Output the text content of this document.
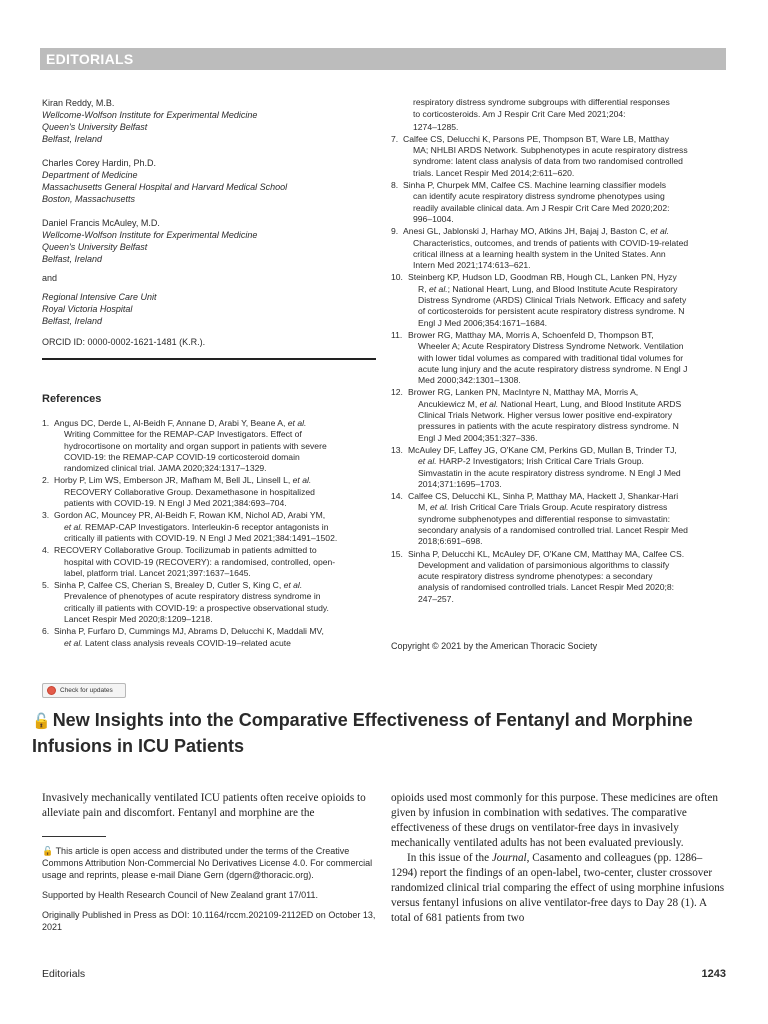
EDITORIALS
Kiran Reddy, M.B.
Wellcome-Wolfson Institute for Experimental Medicine
Queen's University Belfast
Belfast, Ireland
Charles Corey Hardin, Ph.D.
Department of Medicine
Massachusetts General Hospital and Harvard Medical School
Boston, Massachusetts
Daniel Francis McAuley, M.D.
Wellcome-Wolfson Institute for Experimental Medicine
Queen's University Belfast
Belfast, Ireland
and
Regional Intensive Care Unit
Royal Victoria Hospital
Belfast, Ireland
ORCID ID: 0000-0002-1621-1481 (K.R.).
References
1. Angus DC, Derde L, Al-Beidh F, Annane D, Arabi Y, Beane A, et al.
Writing Committee for the REMAP-CAP Investigators. Effect of
hydrocortisone on mortality and organ support in patients with severe
COVID-19: the REMAP-CAP COVID-19 corticosteroid domain
randomized clinical trial. JAMA 2020;324:1317–1329.
2. Horby P, Lim WS, Emberson JR, Mafham M, Bell JL, Linsell L, et al.
RECOVERY Collaborative Group. Dexamethasone in hospitalized
patients with COVID-19. N Engl J Med 2021;384:693–704.
3. Gordon AC, Mouncey PR, Al-Beidh F, Rowan KM, Nichol AD, Arabi YM,
et al. REMAP-CAP Investigators. Interleukin-6 receptor antagonists in
critically ill patients with COVID-19. N Engl J Med 2021;384:1491–1502.
4. RECOVERY Collaborative Group. Tocilizumab in patients admitted to
hospital with COVID-19 (RECOVERY): a randomised, controlled, open-
label, platform trial. Lancet 2021;397:1637–1645.
5. Sinha P, Calfee CS, Cherian S, Brealey D, Cutler S, King C, et al.
Prevalence of phenotypes of acute respiratory distress syndrome in
critically ill patients with COVID-19: a prospective observational study.
Lancet Respir Med 2020;8:1209–1218.
6. Sinha P, Furfaro D, Cummings MJ, Abrams D, Delucchi K, Maddali MV,
et al. Latent class analysis reveals COVID-19–related acute
respiratory distress syndrome subgroups with differential responses
to corticosteroids. Am J Respir Crit Care Med 2021;204:
1274–1285.
7. Calfee CS, Delucchi K, Parsons PE, Thompson BT, Ware LB, Matthay
MA; NHLBI ARDS Network. Subphenotypes in acute respiratory distress
syndrome: latent class analysis of data from two randomised controlled
trials. Lancet Respir Med 2014;2:611–620.
8. Sinha P, Churpek MM, Calfee CS. Machine learning classifier models
can identify acute respiratory distress syndrome phenotypes using
readily available clinical data. Am J Respir Crit Care Med 2020;202:
996–1004.
9. Anesi GL, Jablonski J, Harhay MO, Atkins JH, Bajaj J, Baston C, et al.
Characteristics, outcomes, and trends of patients with COVID-19-related
critical illness at a learning health system in the United States. Ann
Intern Med 2021;174:613–621.
10. Steinberg KP, Hudson LD, Goodman RB, Hough CL, Lanken PN, Hyzy
R, et al.; National Heart, Lung, and Blood Institute Acute Respiratory
Distress Syndrome (ARDS) Clinical Trials Network. Efficacy and safety
of corticosteroids for persistent acute respiratory distress syndrome. N
Engl J Med 2006;354:1671–1684.
11. Brower RG, Matthay MA, Morris A, Schoenfeld D, Thompson BT,
Wheeler A; Acute Respiratory Distress Syndrome Network. Ventilation
with lower tidal volumes as compared with traditional tidal volumes for
acute lung injury and the acute respiratory distress syndrome. N Engl J
Med 2000;342:1301–1308.
12. Brower RG, Lanken PN, MacIntyre N, Matthay MA, Morris A,
Ancukiewicz M, et al. National Heart, Lung, and Blood Institute ARDS
Clinical Trials Network. Higher versus lower positive end-expiratory
pressures in patients with the acute respiratory distress syndrome. N
Engl J Med 2004;351:327–336.
13. McAuley DF, Laffey JG, O'Kane CM, Perkins GD, Mullan B, Trinder TJ,
et al. HARP-2 Investigators; Irish Critical Care Trials Group.
Simvastatin in the acute respiratory distress syndrome. N Engl J Med
2014;371:1695–1703.
14. Calfee CS, Delucchi KL, Sinha P, Matthay MA, Hackett J, Shankar-Hari
M, et al. Irish Critical Care Trials Group. Acute respiratory distress
syndrome subphenotypes and differential response to simvastatin:
secondary analysis of a randomised controlled trial. Lancet Respir Med
2018;6:691–698.
15. Sinha P, Delucchi KL, McAuley DF, O'Kane CM, Matthay MA, Calfee CS.
Development and validation of parsimonious algorithms to classify
acute respiratory distress syndrome phenotypes: a secondary
analysis of randomised controlled trials. Lancet Respir Med 2020;8:
247–257.
Copyright © 2021 by the American Thoracic Society
Check for updates
🔓 New Insights into the Comparative Effectiveness of Fentanyl and Morphine Infusions in ICU Patients
Invasively mechanically ventilated ICU patients often receive opioids to alleviate pain and discomfort. Fentanyl and morphine are the

🔓 This article is open access and distributed under the terms of the Creative Commons Attribution Non-Commercial No Derivatives License 4.0. For commercial usage and reprints, please e-mail Diane Gern (dgern@thoracic.org).

Supported by Health Research Council of New Zealand grant 17/011.

Originally Published in Press as DOI: 10.1164/rccm.202109-2112ED on October 13, 2021

opioids used most commonly for this purpose. These medicines are often given by infusion in combination with sedatives. The comparative effectiveness of these drugs on ventilator-free days in invasively mechanically ventilated adults has not been evaluated previously.

In this issue of the Journal, Casamento and colleagues (pp. 1286–1294) report the findings of an open-label, two-center, cluster crossover randomized clinical trial comparing the effect of using morphine infusions versus fentanyl infusions on alive ventilator-free days to Day 28 (1). A total of 681 patients from two

Editorials	1243
